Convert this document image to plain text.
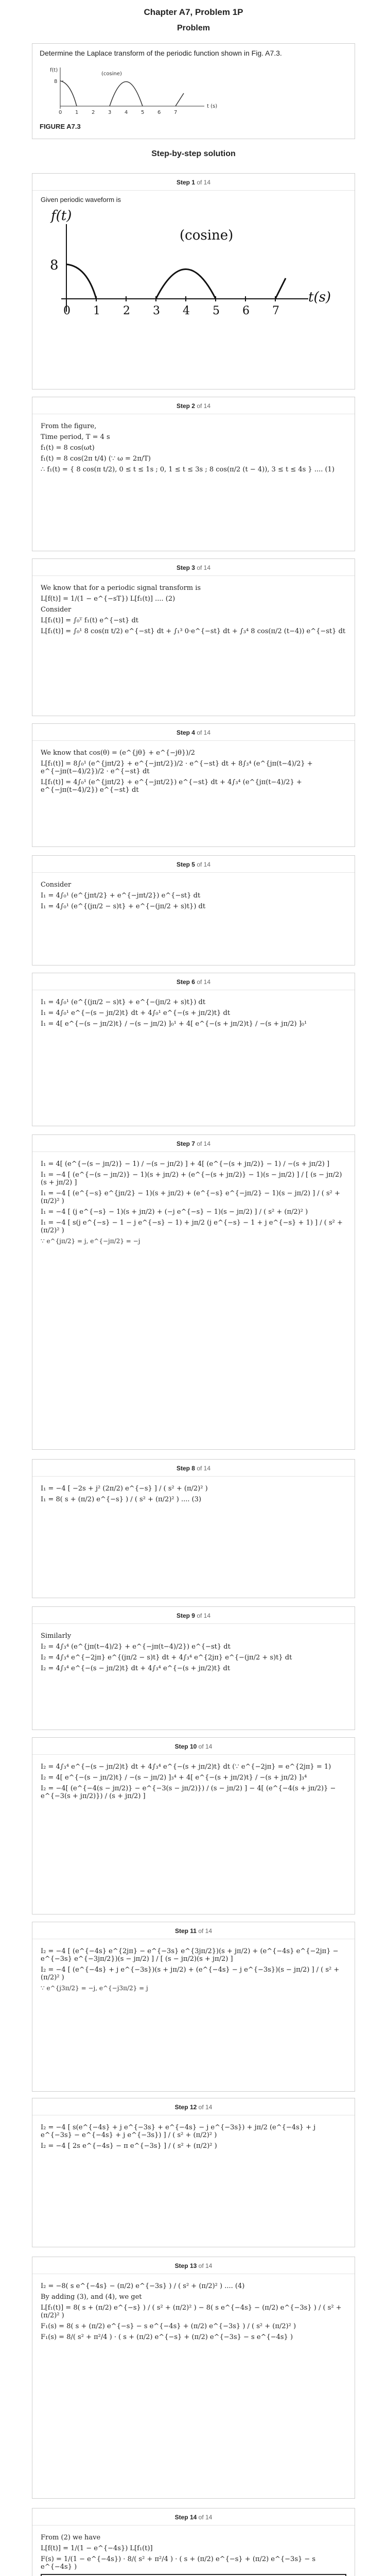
Chapter A7, Problem 1P
Problem
Determine the Laplace transform of the periodic function shown in Fig. A7.3.
f(t)
8
t (s)
(cosine)
0	1	2	3	4	5	6	7
FIGURE A7.3
Step-by-step solution
Step 1 of 14
Given periodic waveform is
f(t)
8
t(s)
(cosine)
0 1 2 3 4 5 6 7
Step 2 of 14
From the figure,
Time period, T = 4 s
f₁(t) = 8 cos(ωt)
f₁(t) = 8 cos(2π t/4) (∵ ω = 2π/T)
∴ f₁(t) = { 8 cos(π t/2), 0 ≤ t ≤ 1s ; 0, 1 ≤ t ≤ 3s ; 8 cos(π/2 (t − 4)), 3 ≤ t ≤ 4s } .... (1)
Step 3 of 14
We know that for a periodic signal transform is
L[f(t)] = 1/(1 − e^{−sT}) L[f₁(t)] .... (2)
Consider
L[f₁(t)] = ∫₀ᵀ f₁(t) e^{−st} dt
L[f₁(t)] = ∫₀¹ 8 cos(π t/2) e^{−st} dt + ∫₁³ 0·e^{−st} dt + ∫₃⁴ 8 cos(π/2 (t−4)) e^{−st} dt
Step 4 of 14
We know that cos(θ) = (e^{jθ} + e^{−jθ})/2
L[f₁(t)] = 8∫₀¹ (e^{jπt/2} + e^{−jπt/2})/2 · e^{−st} dt + 8∫₃⁴ (e^{jπ(t−4)/2} + e^{−jπ(t−4)/2})/2 · e^{−st} dt
L[f₁(t)] = 4∫₀¹ (e^{jπt/2} + e^{−jπt/2}) e^{−st} dt + 4∫₃⁴ (e^{jπ(t−4)/2} + e^{−jπ(t−4)/2}) e^{−st} dt
Step 5 of 14
Consider
I₁ = 4∫₀¹ (e^{jπt/2} + e^{−jπt/2}) e^{−st} dt
I₁ = 4∫₀¹ (e^{(jπ/2 − s)t} + e^{−(jπ/2 + s)t}) dt
Step 6 of 14
I₁ = 4∫₀¹ (e^{(jπ/2 − s)t} + e^{−(jπ/2 + s)t}) dt
I₁ = 4∫₀¹ e^{−(s − jπ/2)t} dt + 4∫₀¹ e^{−(s + jπ/2)t} dt
I₁ = 4[ e^{−(s − jπ/2)t} / −(s − jπ/2) ]₀¹ + 4[ e^{−(s + jπ/2)t} / −(s + jπ/2) ]₀¹
Step 7 of 14
I₁ = 4[ (e^{−(s − jπ/2)} − 1) / −(s − jπ/2) ] + 4[ (e^{−(s + jπ/2)} − 1) / −(s + jπ/2) ]
I₁ = −4 [ (e^{−(s − jπ/2)} − 1)(s + jπ/2) + (e^{−(s + jπ/2)} − 1)(s − jπ/2) ] / [ (s − jπ/2)(s + jπ/2) ]
I₁ = −4 [ (e^{−s} e^{jπ/2} − 1)(s + jπ/2) + (e^{−s} e^{−jπ/2} − 1)(s − jπ/2) ] / ( s² + (π/2)² )
I₁ = −4 [ (j e^{−s} − 1)(s + jπ/2) + (−j e^{−s} − 1)(s − jπ/2) ] / ( s² + (π/2)² )
I₁ = −4 [ s(j e^{−s} − 1 − j e^{−s} − 1) + jπ/2 (j e^{−s} − 1 + j e^{−s} + 1) ] / ( s² + (π/2)² )
∵ e^{jπ/2} = j, e^{−jπ/2} = −j
Step 8 of 14
I₁ = −4 [ −2s + j² (2π/2) e^{−s} ] / ( s² + (π/2)² )
I₁ = 8( s + (π/2) e^{−s} ) / ( s² + (π/2)² ) .... (3)
Step 9 of 14
Similarly
I₂ = 4∫₃⁴ (e^{jπ(t−4)/2} + e^{−jπ(t−4)/2}) e^{−st} dt
I₂ = 4∫₃⁴ e^{−2jπ} e^{(jπ/2 − s)t} dt + 4∫₃⁴ e^{2jπ} e^{−(jπ/2 + s)t} dt
I₂ = 4∫₃⁴ e^{−(s − jπ/2)t} dt + 4∫₃⁴ e^{−(s + jπ/2)t} dt
Step 10 of 14
I₂ = 4∫₃⁴ e^{−(s − jπ/2)t} dt + 4∫₃⁴ e^{−(s + jπ/2)t} dt (∵ e^{−2jπ} = e^{2jπ} = 1)
I₂ = 4[ e^{−(s − jπ/2)t} / −(s − jπ/2) ]₃⁴ + 4[ e^{−(s + jπ/2)t} / −(s + jπ/2) ]₃⁴
I₂ = −4[ (e^{−4(s − jπ/2)} − e^{−3(s − jπ/2)}) / (s − jπ/2) ] − 4[ (e^{−4(s + jπ/2)} − e^{−3(s + jπ/2)}) / (s + jπ/2) ]
Step 11 of 14
I₂ = −4 [ (e^{−4s} e^{2jπ} − e^{−3s} e^{3jπ/2})(s + jπ/2) + (e^{−4s} e^{−2jπ} − e^{−3s} e^{−3jπ/2})(s − jπ/2) ] / [ (s − jπ/2)(s + jπ/2) ]
I₂ = −4 [ (e^{−4s} + j e^{−3s})(s + jπ/2) + (e^{−4s} − j e^{−3s})(s − jπ/2) ] / ( s² + (π/2)² )
∵ e^{j3π/2} = −j, e^{−j3π/2} = j
Step 12 of 14
I₂ = −4 [ s(e^{−4s} + j e^{−3s} + e^{−4s} − j e^{−3s}) + jπ/2 (e^{−4s} + j e^{−3s} − e^{−4s} + j e^{−3s}) ] / ( s² + (π/2)² )
I₂ = −4 [ 2s e^{−4s} − π e^{−3s} ] / ( s² + (π/2)² )
Step 13 of 14
I₂ = −8( s e^{−4s} − (π/2) e^{−3s} ) / ( s² + (π/2)² ) .... (4)
By adding (3), and (4), we get
L[f₁(t)] = 8( s + (π/2) e^{−s} ) / ( s² + (π/2)² ) − 8( s e^{−4s} − (π/2) e^{−3s} ) / ( s² + (π/2)² )
F₁(s) = 8( s + (π/2) e^{−s} − s e^{−4s} + (π/2) e^{−3s} ) / ( s² + (π/2)² )
F₁(s) = 8/( s² + π²/4 ) · ( s + (π/2) e^{−s} + (π/2) e^{−3s} − s e^{−4s} )
Step 14 of 14
From (2) we have
L[f(t)] = 1/(1 − e^{−4s}) L[f₁(t)]
F(s) = 1/(1 − e^{−4s}) · 8/( s² + π²/4 ) · ( s + (π/2) e^{−s} + (π/2) e^{−3s} − s e^{−4s} )
